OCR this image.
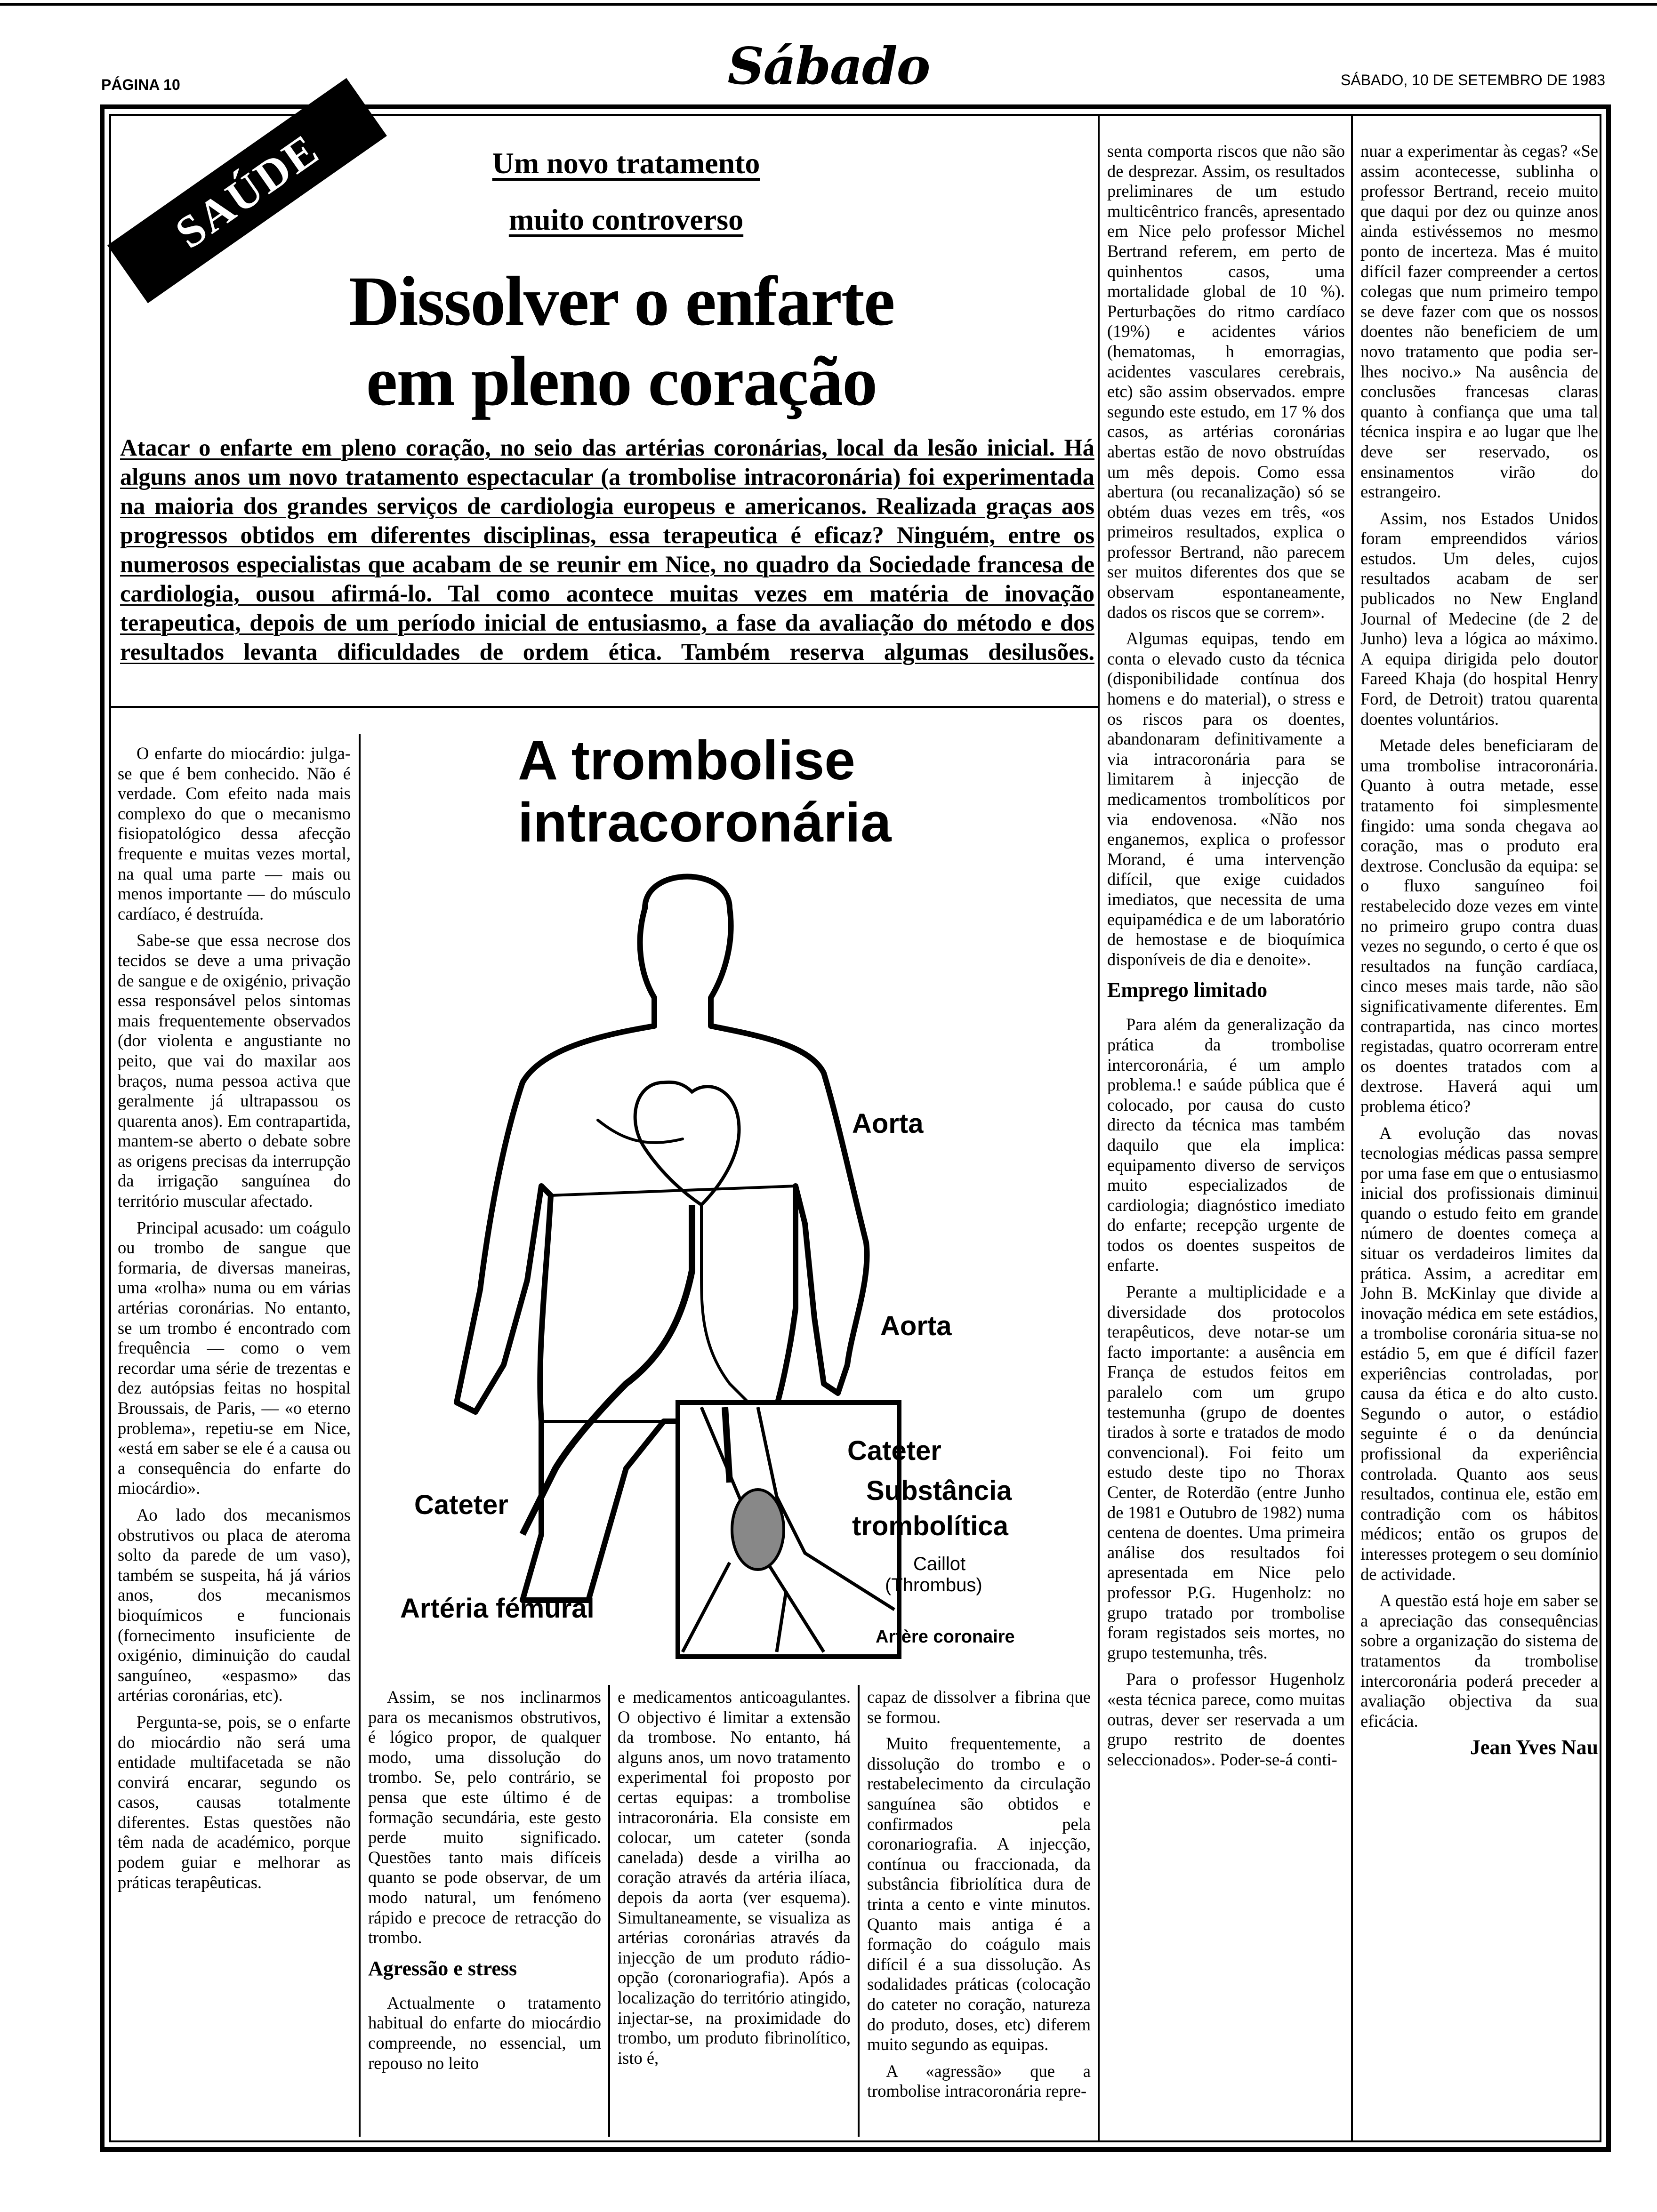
PÁGINA 10	Sábado	SÁBADO, 10 DE SETEMBRO DE 1983
SAÚDE	Um novo tratamento
muito controverso
Dissolver o enfarte
em pleno coração
Atacar o enfarte em pleno coração, no seio das artérias coronárias, local da lesão inicial. Há alguns anos um novo tratamento espectacular (a trombolise intracoronária) foi experimentada na maioria dos grandes serviços de cardiologia europeus e americanos. Realizada graças aos progressos obtidos em diferentes disciplinas, essa terapeutica é eficaz? Ninguém, entre os numerosos especialistas que acabam de se reunir em Nice, no quadro da Sociedade francesa de cardiologia, ousou afirmá-lo. Tal como acontece muitas vezes em matéria de inovação terapeutica, depois de um período inicial de entusiasmo, a fase da avaliação do método e dos resultados levanta dificuldades de ordem ética. Também reserva algumas desilusões.

O enfarte do miocárdio: julga-se que é bem conhecido. Não é verdade. Com efeito nada mais complexo do que o mecanismo fisiopatológico dessa afecção frequente e muitas vezes mortal, na qual uma parte — mais ou menos importante — do músculo cardíaco, é destruída.

Sabe-se que essa necrose dos tecidos se deve a uma privação de sangue e de oxigénio, privação essa responsável pelos sintomas mais frequentemente observados (dor violenta e angustiante no peito, que vai do maxilar aos braços, numa pessoa activa que geralmente já ultrapassou os quarenta anos). Em contrapartida, mantem-se aberto o debate sobre as origens precisas da interrupção da irrigação sanguínea do território muscular afectado.

Principal acusado: um coágulo ou trombo de sangue que formaria, de diversas maneiras, uma «rolha» numa ou em várias artérias coronárias. No entanto, se um trombo é encontrado com frequência — como o vem recordar uma série de trezentas e dez autópsias feitas no hospital Broussais, de Paris, — «o eterno problema», repetiu-se em Nice, «está em saber se ele é a causa ou a consequência do enfarte do miocárdio».

Ao lado dos mecanismos obstrutivos ou placa de ateroma solto da parede de um vaso), também se suspeita, há já vários anos, dos mecanismos bioquímicos e funcionais (fornecimento insuficiente de oxigénio, diminuição do caudal sanguíneo, «espasmo» das artérias coronárias, etc).

Pergunta-se, pois, se o enfarte do miocárdio não será uma entidade multifacetada se não convirá encarar, segundo os casos, causas totalmente diferentes. Estas questões não têm nada de académico, porque podem guiar e melhorar as práticas terapêuticas.

A trombolise
intracoronária
Aorta
Aorta
Cateter
Artéria fémural
Cateter
Substância
trombolítica
Caillot
(Thrombus)
Artère coronaire

Assim, se nos inclinarmos para os mecanismos obstrutivos, é lógico propor, de qualquer modo, uma dissolução do trombo. Se, pelo contrário, se pensa que este último é de formação secundária, este gesto perde muito significado. Questões tanto mais difíceis quanto se pode observar, de um modo natural, um fenómeno rápido e precoce de retracção do trombo.

Agressão e stress

Actualmente o tratamento habitual do enfarte do miocárdio compreende, no essencial, um repouso no leito

e medicamentos anticoagulantes. O objectivo é limitar a extensão da trombose. No entanto, há alguns anos, um novo tratamento experimental foi proposto por certas equipas: a trombolise intracoronária. Ela consiste em colocar, um cateter (sonda canelada) desde a virilha ao coração através da artéria ilíaca, depois da aorta (ver esquema). Simultaneamente, se visualiza as artérias coronárias através da injecção de um produto rádio-opção (coronariografia). Após a localização do território atingido, injectar-se, na proximidade do trombo, um produto fibrinolítico, isto é,

capaz de dissolver a fibrina que se formou.

Muito frequentemente, a dissolução do trombo e o restabelecimento da circulação sanguínea são obtidos e confirmados pela coronariografia. A injecção, contínua ou fraccionada, da substância fibriolítica dura de trinta a cento e vinte minutos. Quanto mais antiga é a formação do coágulo mais difícil é a sua dissolução. As sodalidades práticas (colocação do cateter no coração, natureza do produto, doses, etc) diferem muito segundo as equipas.

A «agressão» que a trombolise intracoronária repre-

senta comporta riscos que não são de desprezar. Assim, os resultados preliminares de um estudo multicêntrico francês, apresentado em Nice pelo professor Michel Bertrand referem, em perto de quinhentos casos, uma mortalidade global de 10 %). Perturbações do ritmo cardíaco (19%) e acidentes vários (hematomas, h emorragias, acidentes vasculares cerebrais, etc) são assim observados. empre segundo este estudo, em 17 % dos casos, as artérias coronárias abertas estão de novo obstruídas um mês depois. Como essa abertura (ou recanalização) só se obtém duas vezes em três, «os primeiros resultados, explica o professor Bertrand, não parecem ser muitos diferentes dos que se observam espontaneamente, dados os riscos que se correm».

Algumas equipas, tendo em conta o elevado custo da técnica (disponibilidade contínua dos homens e do material), o stress e os riscos para os doentes, abandonaram definitivamente a via intracoronária para se limitarem à injecção de medicamentos trombolíticos por via endovenosa. «Não nos enganemos, explica o professor Morand, é uma intervenção difícil, que exige cuidados imediatos, que necessita de uma equipamédica e de um laboratório de hemostase e de bioquímica disponíveis de dia e denoite».

Emprego limitado

Para além da generalização da prática da trombolise intercoronária, é um amplo problema.! e saúde pública que é colocado, por causa do custo directo da técnica mas também daquilo que ela implica: equipamento diverso de serviços muito especializados de cardiologia; diagnóstico imediato do enfarte; recepção urgente de todos os doentes suspeitos de enfarte.

Perante a multiplicidade e a diversidade dos protocolos terapêuticos, deve notar-se um facto importante: a ausência em França de estudos feitos em paralelo com um grupo testemunha (grupo de doentes tirados à sorte e tratados de modo convencional). Foi feito um estudo deste tipo no Thorax Center, de Roterdão (entre Junho de 1981 e Outubro de 1982) numa centena de doentes. Uma primeira análise dos resultados foi apresentada em Nice pelo professor P.G. Hugenholz: no grupo tratado por trombolise foram registados seis mortes, no grupo testemunha, três.

Para o professor Hugenholz «esta técnica parece, como muitas outras, dever ser reservada a um grupo restrito de doentes seleccionados». Poder-se-á conti-

nuar a experimentar às cegas? «Se assim acontecesse, sublinha o professor Bertrand, receio muito que daqui por dez ou quinze anos ainda estivéssemos no mesmo ponto de incerteza. Mas é muito difícil fazer compreender a certos colegas que num primeiro tempo se deve fazer com que os nossos doentes não beneficiem de um novo tratamento que podia ser-lhes nocivo.» Na ausência de conclusões francesas claras quanto à confiança que uma tal técnica inspira e ao lugar que lhe deve ser reservado, os ensinamentos virão do estrangeiro.

Assim, nos Estados Unidos foram empreendidos vários estudos. Um deles, cujos resultados acabam de ser publicados no New England Journal of Medecine (de 2 de Junho) leva a lógica ao máximo. A equipa dirigida pelo doutor Fareed Khaja (do hospital Henry Ford, de Detroit) tratou quarenta doentes voluntários.

Metade deles beneficiaram de uma trombolise intracoronária. Quanto à outra metade, esse tratamento foi simplesmente fingido: uma sonda chegava ao coração, mas o produto era dextrose. Conclusão da equipa: se o fluxo sanguíneo foi restabelecido doze vezes em vinte no primeiro grupo contra duas vezes no segundo, o certo é que os resultados na função cardíaca, cinco meses mais tarde, não são significativamente diferentes. Em contrapartida, nas cinco mortes registadas, quatro ocorreram entre os doentes tratados com a dextrose. Haverá aqui um problema ético?

A evolução das novas tecnologias médicas passa sempre por uma fase em que o entusiasmo inicial dos profissionais diminui quando o estudo feito em grande número de doentes começa a situar os verdadeiros limites da prática. Assim, a acreditar em John B. McKinlay que divide a inovação médica em sete estádios, a trombolise coronária situa-se no estádio 5, em que é difícil fazer experiências controladas, por causa da ética e do alto custo. Segundo o autor, o estádio seguinte é o da denúncia profissional da experiência controlada. Quanto aos seus resultados, continua ele, estão em contradição com os hábitos médicos; então os grupos de interesses protegem o seu domínio de actividade.

A questão está hoje em saber se a apreciação das consequências sobre a organização do sistema de tratamentos da trombolise intercoronária poderá preceder a avaliação objectiva da sua eficácia.

Jean Yves Nau
